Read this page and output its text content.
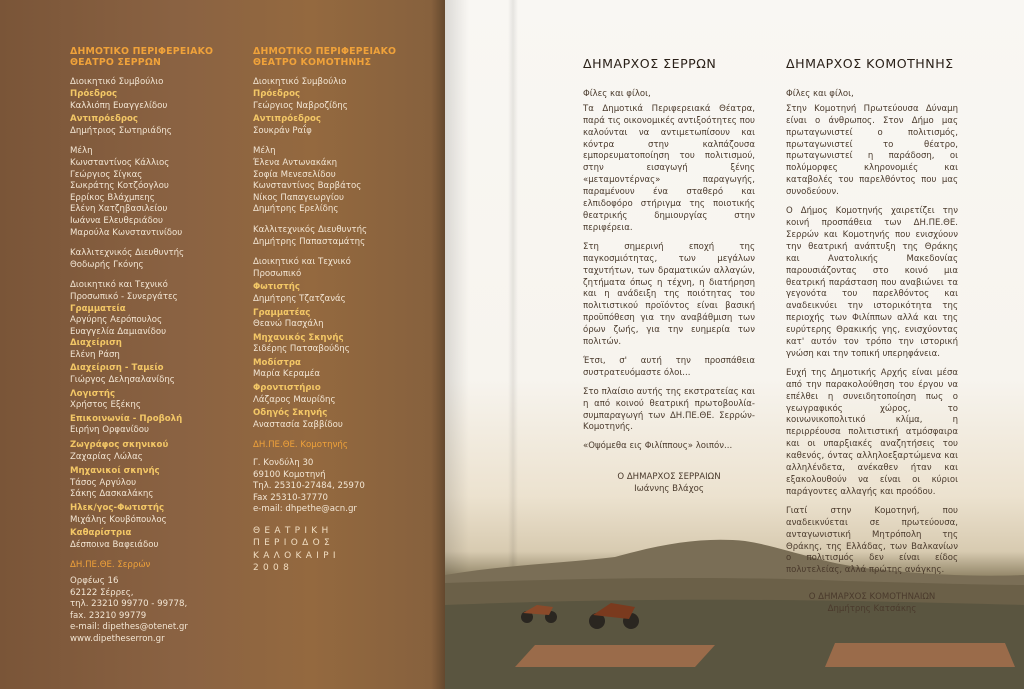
ΔΗΜΟΤΙΚΟ ΠΕΡΙΦΕΡΕΙΑΚΟ
ΘΕΑΤΡΟ ΣΕΡΡΩΝ
Διοικητικό Συμβούλιο
Πρόεδρος
Καλλιόπη Ευαγγελίδου
Αντιπρόεδρος
Δημήτριος Σωτηριάδης
Μέλη
Κωνσταντίνος Κάλλιος
Γεώργιος Σίγκας
Σωκράτης Κοτζόογλου
Ερρίκος Βλάχμπεης
Ελένη Χατζηβασιλείου
Ιωάννα Ελευθεριάδου
Μαρούλα Κωνσταντινίδου
Καλλιτεχνικός Διευθυντής
Θοδωρής Γκόνης
Διοικητικό και Τεχνικό
Προσωπικό - Συνεργάτες
Γραμματεία
Αργύρης Αερόπουλος
Ευαγγελία Δαμιανίδου
Διαχείριση
Ελένη Ράση
Διαχείριση - Ταμείο
Γιώργος Δελησαλανίδης
Λογιστής
Χρήστος Εξέκης
Επικοινωνία - Προβολή
Ειρήνη Ορφανίδου
Ζωγράφος σκηνικού
Ζαχαρίας Λώλας
Μηχανικοί σκηνής
Τάσος Αργύλου
Σάκης Δασκαλάκης
Ηλεκ/γος-Φωτιστής
Μιχάλης Κουβόπουλος
Καθαρίστρια
Δέσποινα Βαφειάδου
ΔΗ.ΠΕ.ΘΕ. Σερρών
Ορφέως 16
62122 Σέρρες,
τηλ. 23210 99770 - 99778,
fax. 23210 99779
e-mail: dipethes@otenet.gr
www.dipetheserron.gr
ΔΗΜΟΤΙΚΟ ΠΕΡΙΦΕΡΕΙΑΚΟ
ΘΕΑΤΡΟ ΚΟΜΟΤΗΝΗΣ
Διοικητικό Συμβούλιο
Πρόεδρος
Γεώργιος Ναβροζίδης
Αντιπρόεδρος
Σουκράν Ραΐφ
Μέλη
Έλενα Αντωνακάκη
Σοφία Μενεσελίδου
Κωνσταντίνος Βαρβάτος
Νίκος Παπαγεωργίου
Δημήτρης Ερελίδης
Καλλιτεχνικός Διευθυντής
Δημήτρης Παπασταμάτης
Διοικητικό και Τεχνικό
Προσωπικό
Φωτιστής
Δημήτρης Τζατζανάς
Γραμματέας
Θεανώ Πασχάλη
Μηχανικός Σκηνής
Σιδέρης Πατσαβούδης
Μοδίστρα
Μαρία Κεραμέα
Φροντιστήριο
Λάζαρος Μαυρίδης
Οδηγός Σκηνής
Αναστασία Σαββίδου
ΔΗ.ΠΕ.ΘΕ. Κομοτηνής
Γ. Κονδύλη 30
69100 Κομοτηνή
Τηλ. 25310-27484, 25970
Fax 25310-37770
e-mail: dhpethe@acn.gr
ΘΕΑΤΡΙΚΗ
ΠΕΡΙΟΔΟΣ
ΚΑΛΟΚΑΙΡΙ
2008
ΔΗΜΑΡΧΟΣ ΣΕΡΡΩΝ

Φίλες και φίλοι,

Τα Δημοτικά Περιφερειακά Θέατρα, παρά τις οικονομικές αντιξοότητες που καλούνται να αντιμετωπίσουν και κόντρα στην καλπάζουσα εμπορευματοποίηση του πολιτισμού, στην εισαγωγή ξένης «μεταμοντέρνας» παραγωγής, παραμένουν ένα σταθερό και ελπιδοφόρο στήριγμα της ποιοτικής θεατρικής δημιουργίας στην περιφέρεια.

Στη σημερινή εποχή της παγκοσμιότητας, των μεγάλων ταχυτήτων, των δραματικών αλλαγών, ζητήματα όπως η τέχνη, η διατήρηση και η ανάδειξη της ποιότητας του πολιτιστικού προϊόντος είναι βασική προϋπόθεση για την αναβάθμιση των όρων ζωής, για την ευημερία των πολιτών.

Έτσι, σ' αυτή την προσπάθεια συστρατευόμαστε όλοι...

Στο πλαίσιο αυτής της εκστρατείας και η από κοινού θεατρική πρωτοβουλία-συμπαραγωγή των ΔΗ.ΠΕ.ΘΕ. Σερρών-Κομοτηνής.

«Οψόμεθα εις Φιλίππους» λοιπόν...

Ο ΔΗΜΑΡΧΟΣ ΣΕΡΡΑΙΩΝ
Ιωάννης Βλάχος
ΔΗΜΑΡΧΟΣ ΚΟΜΟΤΗΝΗΣ

Φίλες και φίλοι,

Στην Κομοτηνή Πρωτεύουσα Δύναμη είναι ο άνθρωπος. Στον Δήμο μας πρωταγωνιστεί ο πολιτισμός, πρωταγωνιστεί το θέατρο, πρωταγωνιστεί η παράδοση, οι πολύμορφες κληρονομιές και καταβολές του παρελθόντος που μας συνοδεύουν.

Ο Δήμος Κομοτηνής χαιρετίζει την κοινή προσπάθεια των ΔΗ.ΠΕ.ΘΕ. Σερρών και Κομοτηνής που ενισχύουν την θεατρική ανάπτυξη της Θράκης και Ανατολικής Μακεδονίας παρουσιάζοντας στο κοινό μια θεατρική παράσταση που αναβιώνει τα γεγονότα του παρελθόντος και αναδεικνύει την ιστορικότητα της περιοχής των Φιλίππων αλλά και της ευρύτερης Θρακικής γης, ενισχύοντας κατ' αυτόν τον τρόπο την ιστορική γνώση και την τοπική υπερηφάνεια.

Ευχή της Δημοτικής Αρχής είναι μέσα από την παρακολούθηση του έργου να επέλθει η συνειδητοποίηση πως ο γεωγραφικός χώρος, το κοινωνικοπολιτικό κλίμα, η περιρρέουσα πολιτιστική ατμόσφαιρα και οι υπαρξιακές αναζητήσεις του καθενός, όντας αλληλοεξαρτώμενα και αλληλένδετα, ανέκαθεν ήταν και εξακολουθούν να είναι οι κύριοι παράγοντες αλλαγής και προόδου.

Γιατί στην Κομοτηνή, που αναδεικνύεται σε πρωτεύουσα, ανταγωνιστική Μητρόπολη της Θράκης, της Ελλάδας, των Βαλκανίων ο πολιτισμός δεν είναι είδος πολυτελείας, αλλά πρώτης ανάγκης.

Ο ΔΗΜΑΡΧΟΣ ΚΟΜΟΤΗΝΑΙΩΝ
Δημήτρης Κατσάκης
